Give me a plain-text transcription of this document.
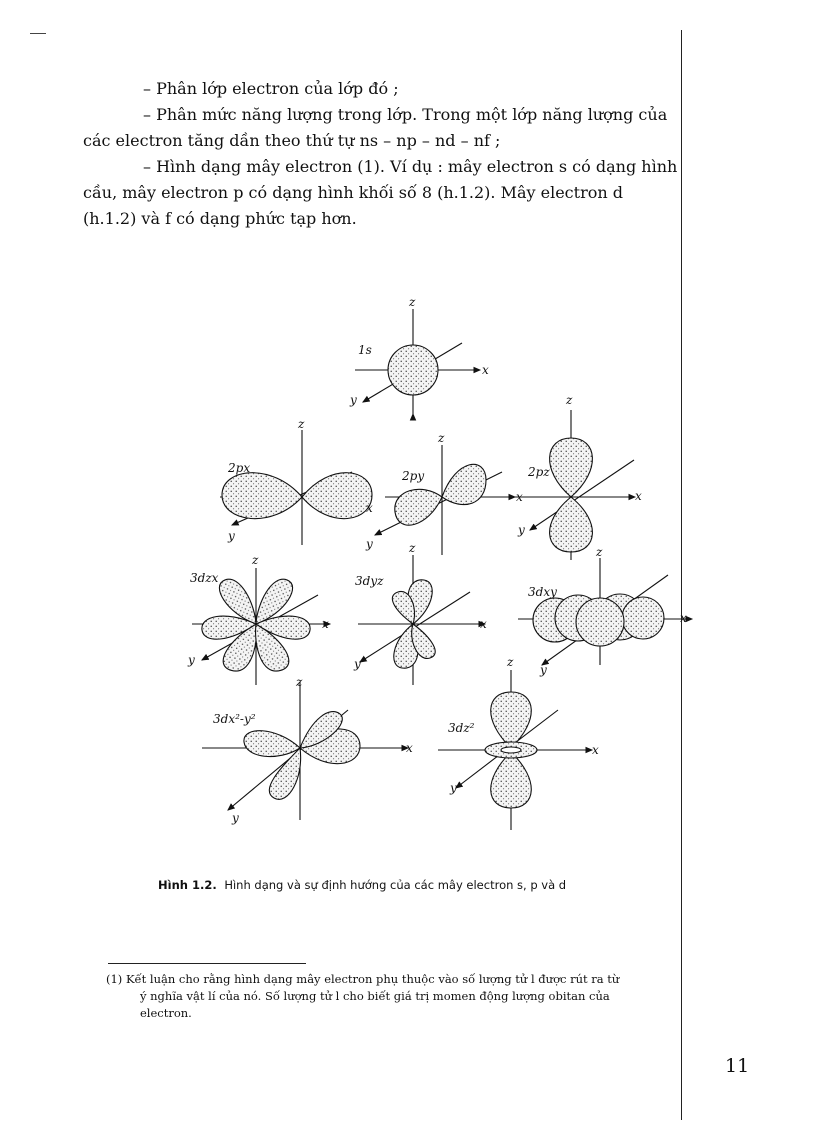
– Phân lớp electron của lớp đó ;

– Phân mức năng lượng trong lớp. Trong một lớp năng lượng của

các electron tăng dần theo thứ tự ns – np – nd – nf ;

– Hình dạng mây electron (1). Ví dụ : mây electron s có dạng hình

cầu, mây electron p có dạng hình khối số 8 (h.1.2). Mây electron d

(h.1.2) và f có dạng phức tạp hơn.

1s
2px
2py	2pz
3dzx	3dyz
3dxy
3dx²-y²
3dz²
z
x
y
z
x
y
z
x
y
z
x
y
z
x
y
z
x
y
z
x
y
z
x
y
z
x
y
Hình 1.2. Hình dạng và sự định hướng của các mây electron s, p và d
(1) Kết luận cho rằng hình dạng mây electron phụ thuộc vào số lượng tử l được rút ra từ
ý nghĩa vật lí của nó. Số lượng tử l cho biết giá trị momen động lượng obitan của
electron.
11
